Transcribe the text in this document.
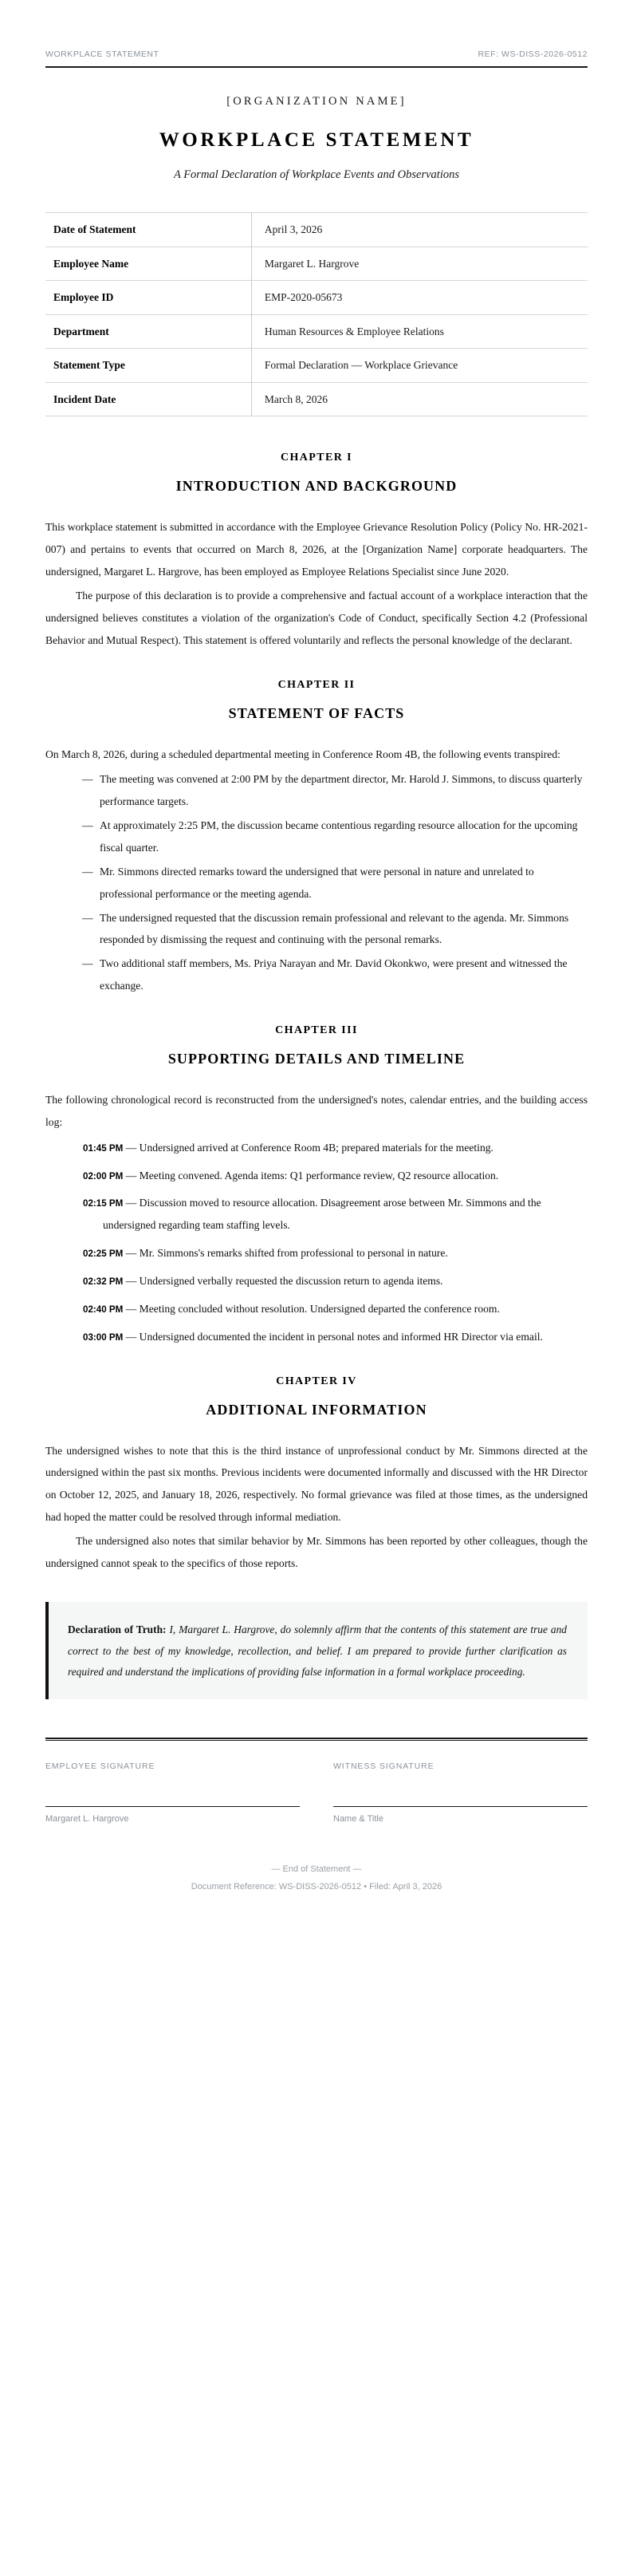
WORKPLACE STATEMENT	REF: WS-DISS-2026-0512
[ORGANIZATION NAME]
WORKPLACE STATEMENT
A Formal Declaration of Workplace Events and Observations
Date of Statement	April 3, 2026
Employee Name	Margaret L. Hargrove
Employee ID	EMP-2020-05673
Department	Human Resources & Employee Relations
Statement Type	Formal Declaration — Workplace Grievance
Incident Date	March 8, 2026
CHAPTER I
INTRODUCTION AND BACKGROUND

This workplace statement is submitted in accordance with the Employee Grievance Resolution Policy (Policy No. HR-2021-007) and pertains to events that occurred on March 8, 2026, at the [Organization Name] corporate headquarters. The undersigned, Margaret L. Hargrove, has been employed as Employee Relations Specialist since June 2020.

The purpose of this declaration is to provide a comprehensive and factual account of a workplace interaction that the undersigned believes constitutes a violation of the organization's Code of Conduct, specifically Section 4.2 (Professional Behavior and Mutual Respect). This statement is offered voluntarily and reflects the personal knowledge of the declarant.

CHAPTER II
STATEMENT OF FACTS

On March 8, 2026, during a scheduled departmental meeting in Conference Room 4B, the following events transpired:

— The meeting was convened at 2:00 PM by the department director, Mr. Harold J. Simmons, to discuss quarterly performance targets.
— At approximately 2:25 PM, the discussion became contentious regarding resource allocation for the upcoming fiscal quarter.
— Mr. Simmons directed remarks toward the undersigned that were personal in nature and unrelated to professional performance or the meeting agenda.
— The undersigned requested that the discussion remain professional and relevant to the agenda. Mr. Simmons responded by dismissing the request and continuing with the personal remarks.
— Two additional staff members, Ms. Priya Narayan and Mr. David Okonkwo, were present and witnessed the exchange.
CHAPTER III
SUPPORTING DETAILS AND TIMELINE

The following chronological record is reconstructed from the undersigned's notes, calendar entries, and the building access log:

01:45 PM — Undersigned arrived at Conference Room 4B; prepared materials for the meeting.
02:00 PM — Meeting convened. Agenda items: Q1 performance review, Q2 resource allocation.
02:15 PM — Discussion moved to resource allocation. Disagreement arose between Mr. Simmons and the undersigned regarding team staffing levels.
02:25 PM — Mr. Simmons's remarks shifted from professional to personal in nature.
02:32 PM — Undersigned verbally requested the discussion return to agenda items.
02:40 PM — Meeting concluded without resolution. Undersigned departed the conference room.
03:00 PM — Undersigned documented the incident in personal notes and informed HR Director via email.
CHAPTER IV
ADDITIONAL INFORMATION

The undersigned wishes to note that this is the third instance of unprofessional conduct by Mr. Simmons directed at the undersigned within the past six months. Previous incidents were documented informally and discussed with the HR Director on October 12, 2025, and January 18, 2026, respectively. No formal grievance was filed at those times, as the undersigned had hoped the matter could be resolved through informal mediation.

The undersigned also notes that similar behavior by Mr. Simmons has been reported by other colleagues, though the undersigned cannot speak to the specifics of those reports.

Declaration of Truth: I, Margaret L. Hargrove, do solemnly affirm that the contents of this statement are true and correct to the best of my knowledge, recollection, and belief. I am prepared to provide further clarification as required and understand the implications of providing false information in a formal workplace proceeding.

EMPLOYEE SIGNATURE
Margaret L. Hargrove
WITNESS SIGNATURE
Name & Title
— End of Statement —
Document Reference: WS-DISS-2026-0512 • Filed: April 3, 2026
